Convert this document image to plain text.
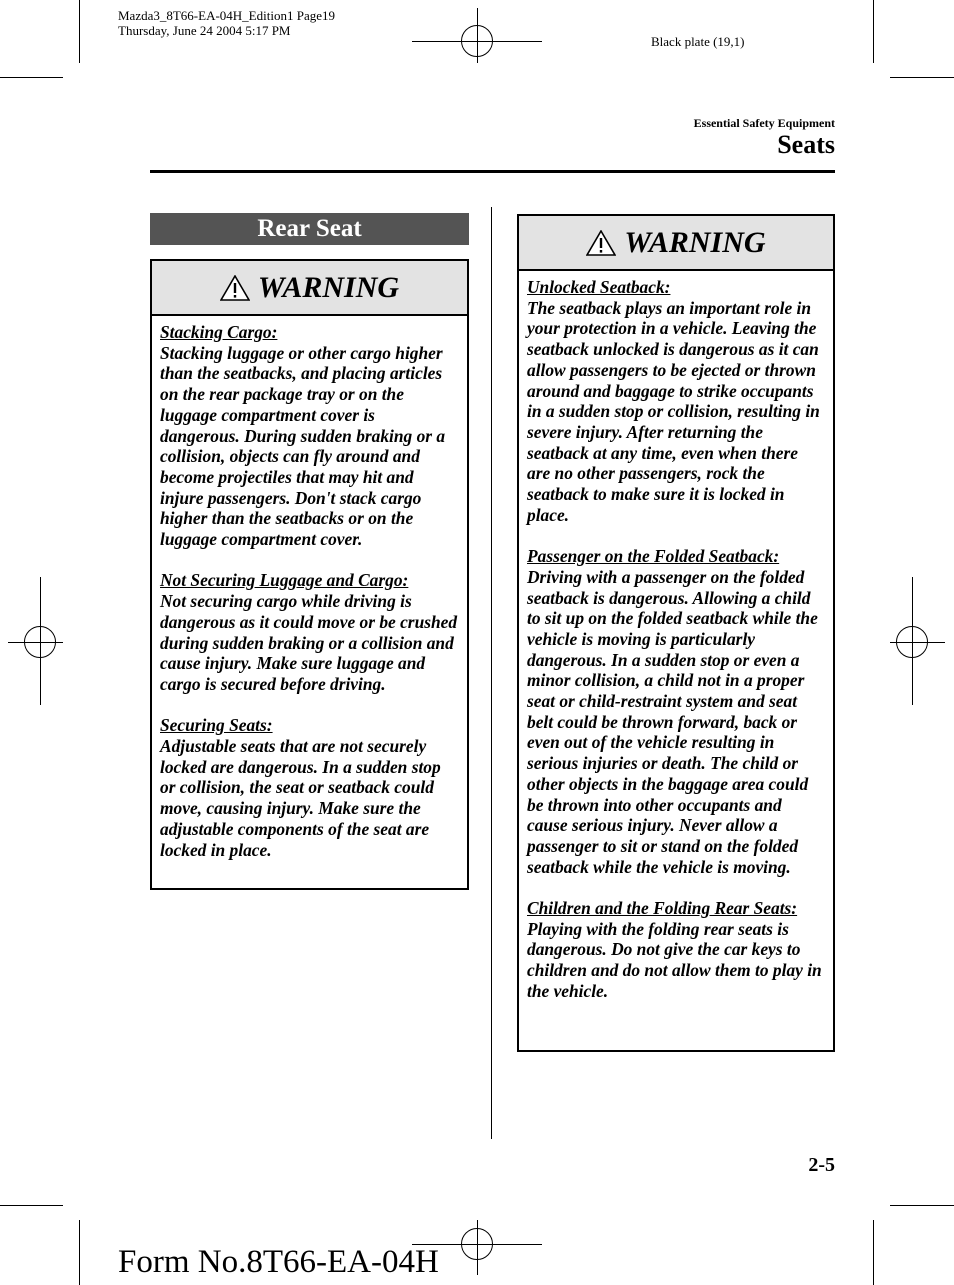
Mazda3_8T66-EA-04H_Edition1 Page19
Thursday, June 24 2004 5:17 PM
Black plate (19,1)
Essential Safety Equipment
Seats
Rear Seat
WARNING
Stacking Cargo:
Stacking luggage or other cargo higher than the seatbacks, and placing articles on the rear package tray or on the luggage compartment cover is dangerous. During sudden braking or a collision, objects can fly around and become projectiles that may hit and injure passengers. Don't stack cargo higher than the seatbacks or on the luggage compartment cover.
Not Securing Luggage and Cargo:
Not securing cargo while driving is dangerous as it could move or be crushed during sudden braking or a collision and cause injury. Make sure luggage and cargo is secured before driving.
Securing Seats:
Adjustable seats that are not securely locked are dangerous. In a sudden stop or collision, the seat or seatback could move, causing injury. Make sure the adjustable components of the seat are locked in place.
WARNING
Unlocked Seatback:
The seatback plays an important role in your protection in a vehicle. Leaving the seatback unlocked is dangerous as it can allow passengers to be ejected or thrown around and baggage to strike occupants in a sudden stop or collision, resulting in severe injury. After returning the seatback at any time, even when there are no other passengers, rock the seatback to make sure it is locked in place.
Passenger on the Folded Seatback:
Driving with a passenger on the folded seatback is dangerous. Allowing a child to sit up on the folded seatback while the vehicle is moving is particularly dangerous. In a sudden stop or even a minor collision, a child not in a proper seat or child-restraint system and seat belt could be thrown forward, back or even out of the vehicle resulting in serious injuries or death. The child or other objects in the baggage area could be thrown into other occupants and cause serious injury. Never allow a passenger to sit or stand on the folded seatback while the vehicle is moving.
Children and the Folding Rear Seats:
Playing with the folding rear seats is dangerous. Do not give the car keys to children and do not allow them to play in the vehicle.
2-5
Form No.8T66-EA-04H
